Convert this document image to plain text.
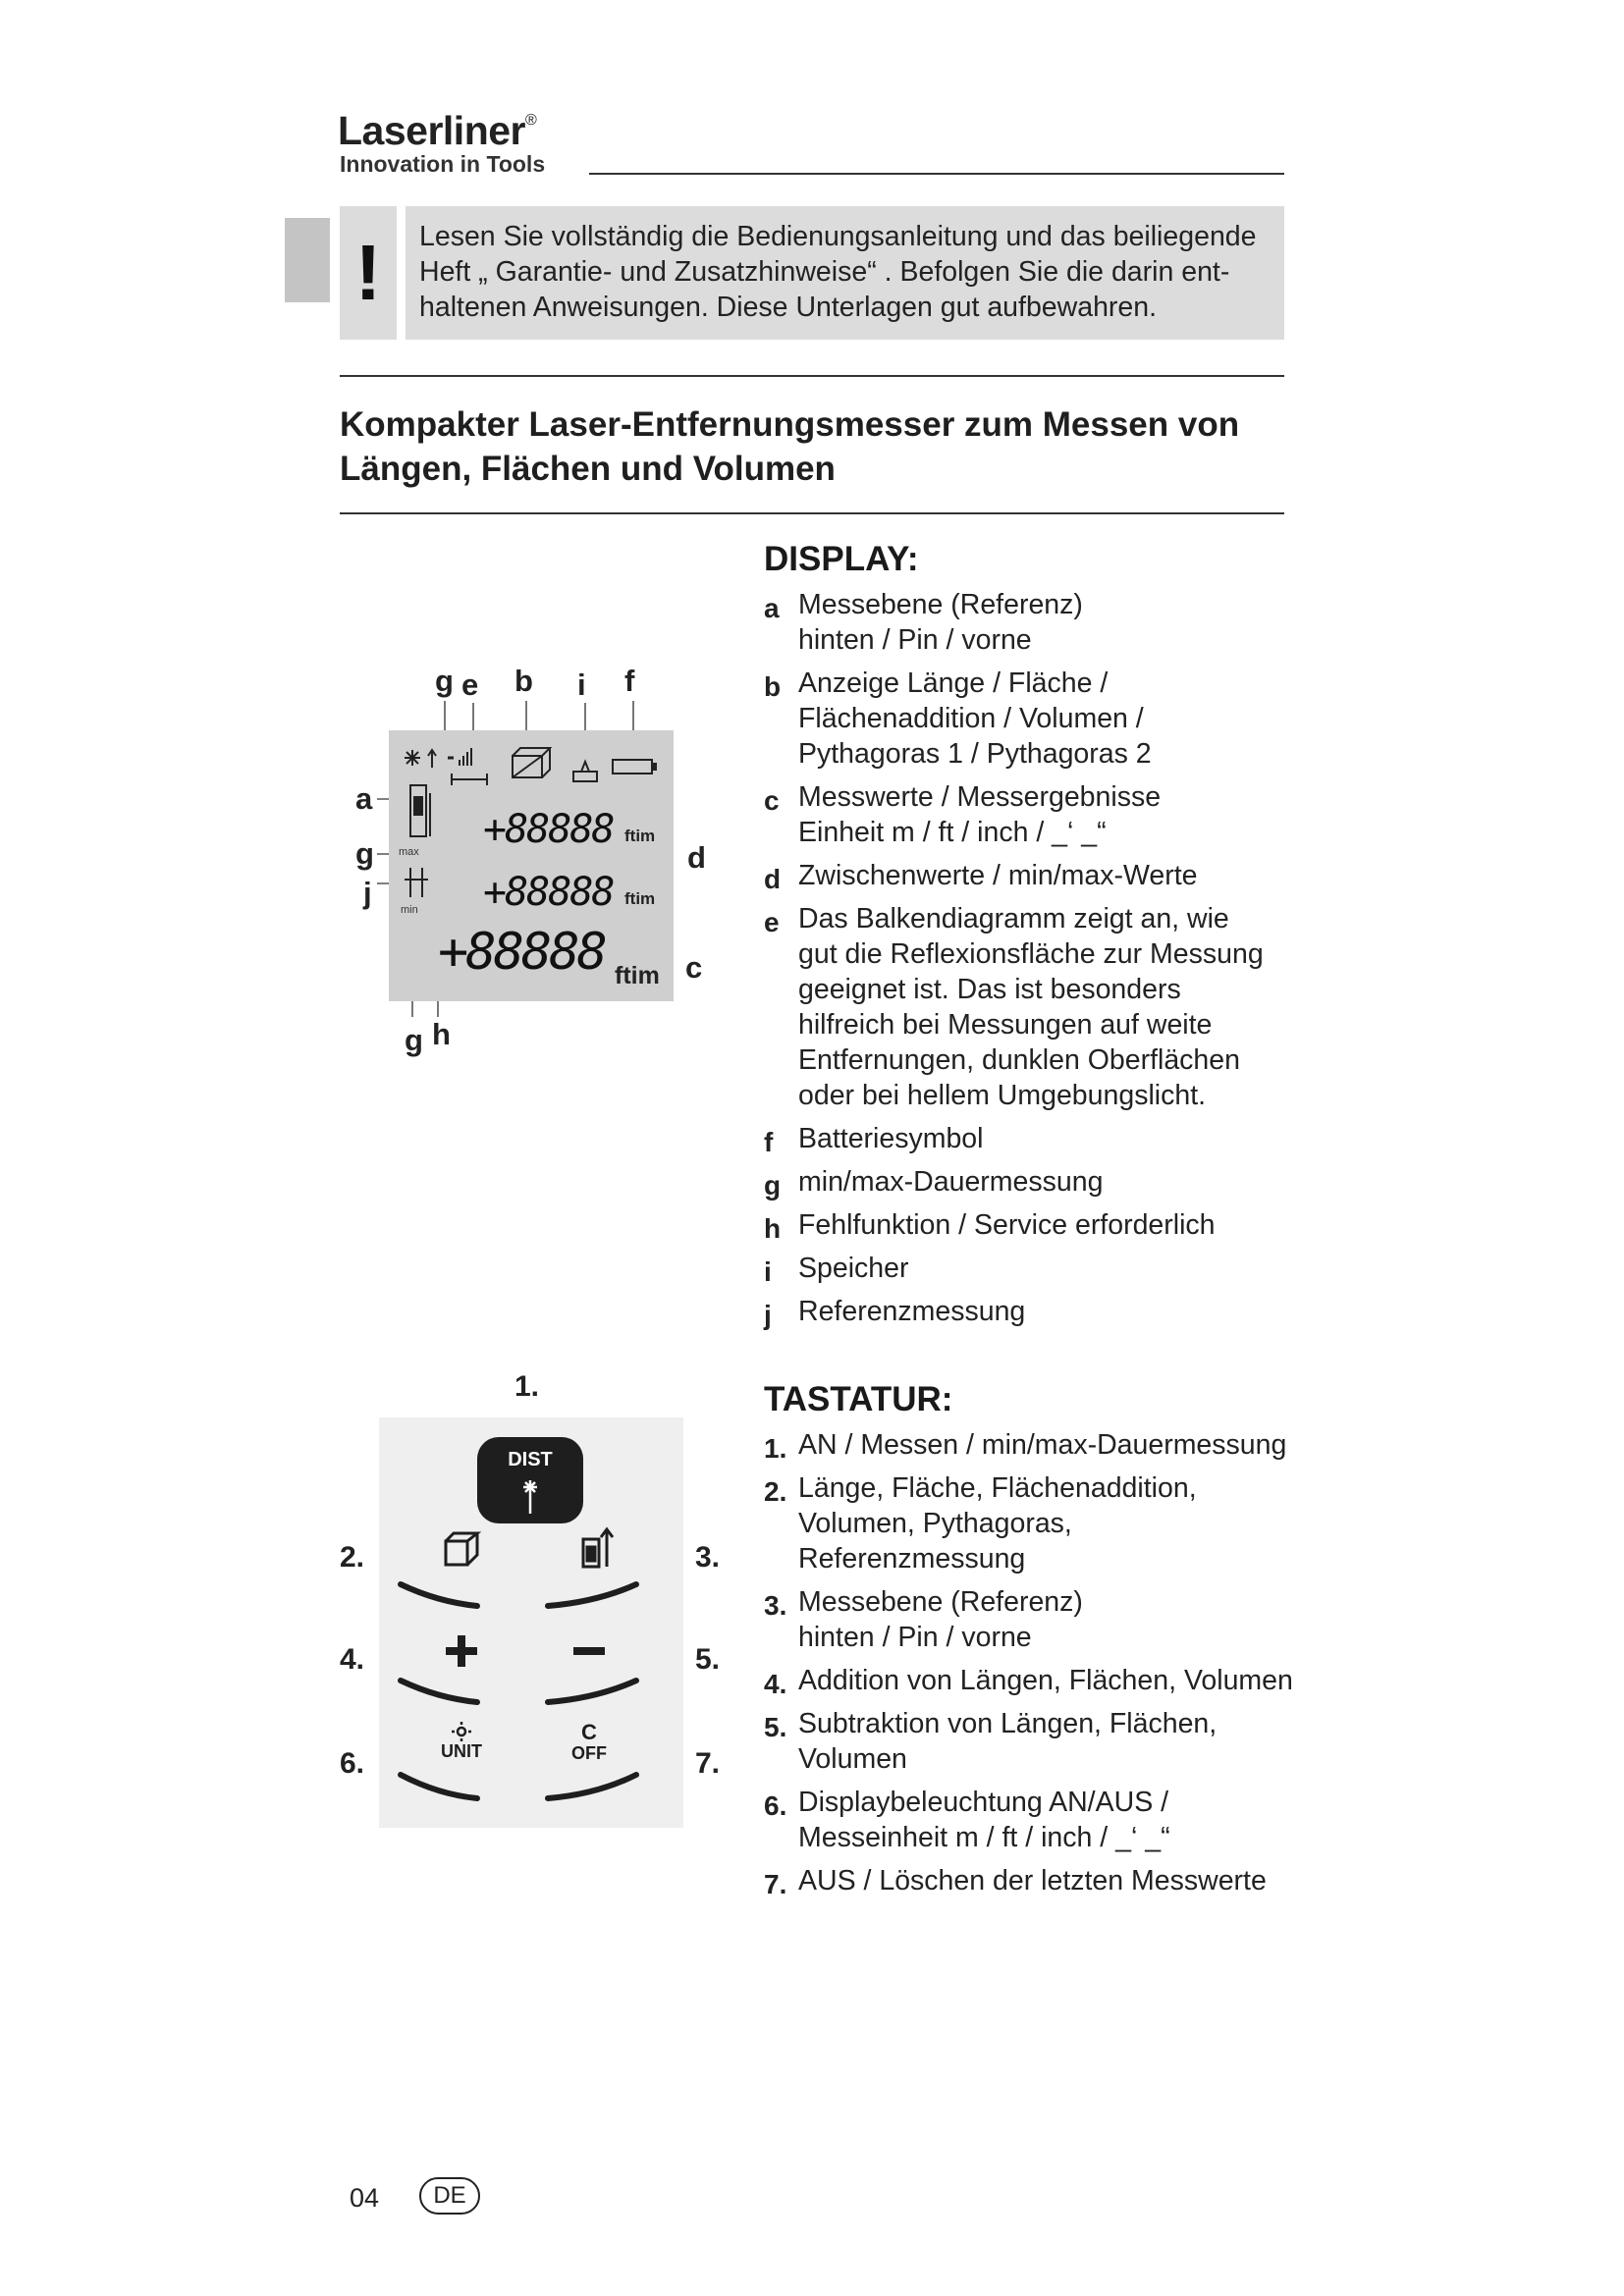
Laserliner®
Innovation in Tools
! Lesen Sie vollständig die Bedienungsanleitung und das beiliegende
Heft „ Garantie- und Zusatzhinweise“ . Befolgen Sie die darin ent-
haltenen Anweisungen. Diese Unterlagen gut aufbewahren.
Kompakter Laser-Entfernungsmesser zum Messen von
Längen, Flächen und Volumen
g e b i f
a
g
j
d
c
g h
max
min
+88888 ftim
+88888 ftim
+88888 ftim
DISPLAY:
a Messebene (Referenz)
hinten / Pin / vorne
b Anzeige Länge / Fläche /
Flächenaddition / Volumen /
Pythagoras 1 / Pythagoras 2
c Messwerte / Messergebnisse
Einheit m / ft / inch / _‘ _“
d Zwischenwerte / min/max-Werte
e Das Balkendiagramm zeigt an, wie
gut die Reflexionsfläche zur Messung
geeignet ist. Das ist besonders
hilfreich bei Messungen auf weite
Entfernungen, dunklen Oberflächen
oder bei hellem Umgebungslicht.
f Batteriesymbol
g min/max-Dauermessung
h Fehlfunktion / Service erforderlich
i Speicher
j Referenzmessung
1.
2.	3.
4.	5.
6.	7.
DIST
UNIT
C
OFF
TASTATUR:
1. AN / Messen / min/max-Dauermessung
2. Länge, Fläche, Flächenaddition,
Volumen, Pythagoras,
Referenzmessung
3. Messebene (Referenz)
hinten / Pin / vorne
4. Addition von Längen, Flächen, Volumen
5. Subtraktion von Längen, Flächen,
Volumen
6. Displaybeleuchtung AN/AUS /
Messeinheit m / ft / inch / _‘ _“
7. AUS / Löschen der letzten Messwerte
04	DE
